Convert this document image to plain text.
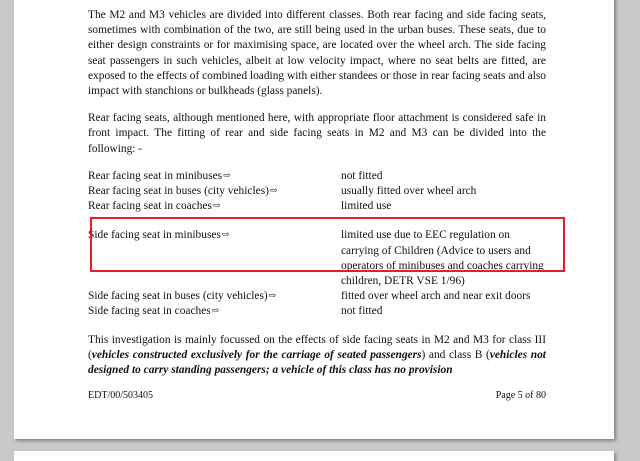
The M2 and M3 vehicles are divided into different classes. Both rear facing and side facing seats, sometimes with combination of the two, are still being used in the urban buses. These seats, due to either design constraints or for maximising space, are located over the wheel arch. The side facing seat passengers in such vehicles, albeit at low velocity impact, where no seat belts are fitted, are exposed to the effects of combined loading with either standees or those in rear facing seats and also impact with stanchions or bulkheads (glass panels).

Rear facing seats, although mentioned here, with appropriate floor attachment is considered safe in front impact. The fitting of rear and side facing seats in M2 and M3 can be divided into the following: -

Rear facing seat in minibuses⇨	not fitted
Rear facing seat in buses (city vehicles)⇨	usually fitted over wheel arch
Rear facing seat in coaches⇨	limited use
Side facing seat in minibuses⇨	limited use due to EEC regulation on carrying of Children (Advice to users and operators of minibuses and coaches carrying children, DETR VSE 1/96)
Side facing seat in buses (city vehicles)⇨	fitted over wheel arch and near exit doors
Side facing seat in coaches⇨	not fitted

This investigation is mainly focussed on the effects of side facing seats in M2 and M3 for class III (vehicles constructed exclusively for the carriage of seated passengers) and class B (vehicles not designed to carry standing passengers; a vehicle of this class has no provision

EDT/00/503405	Page 5 of 80
